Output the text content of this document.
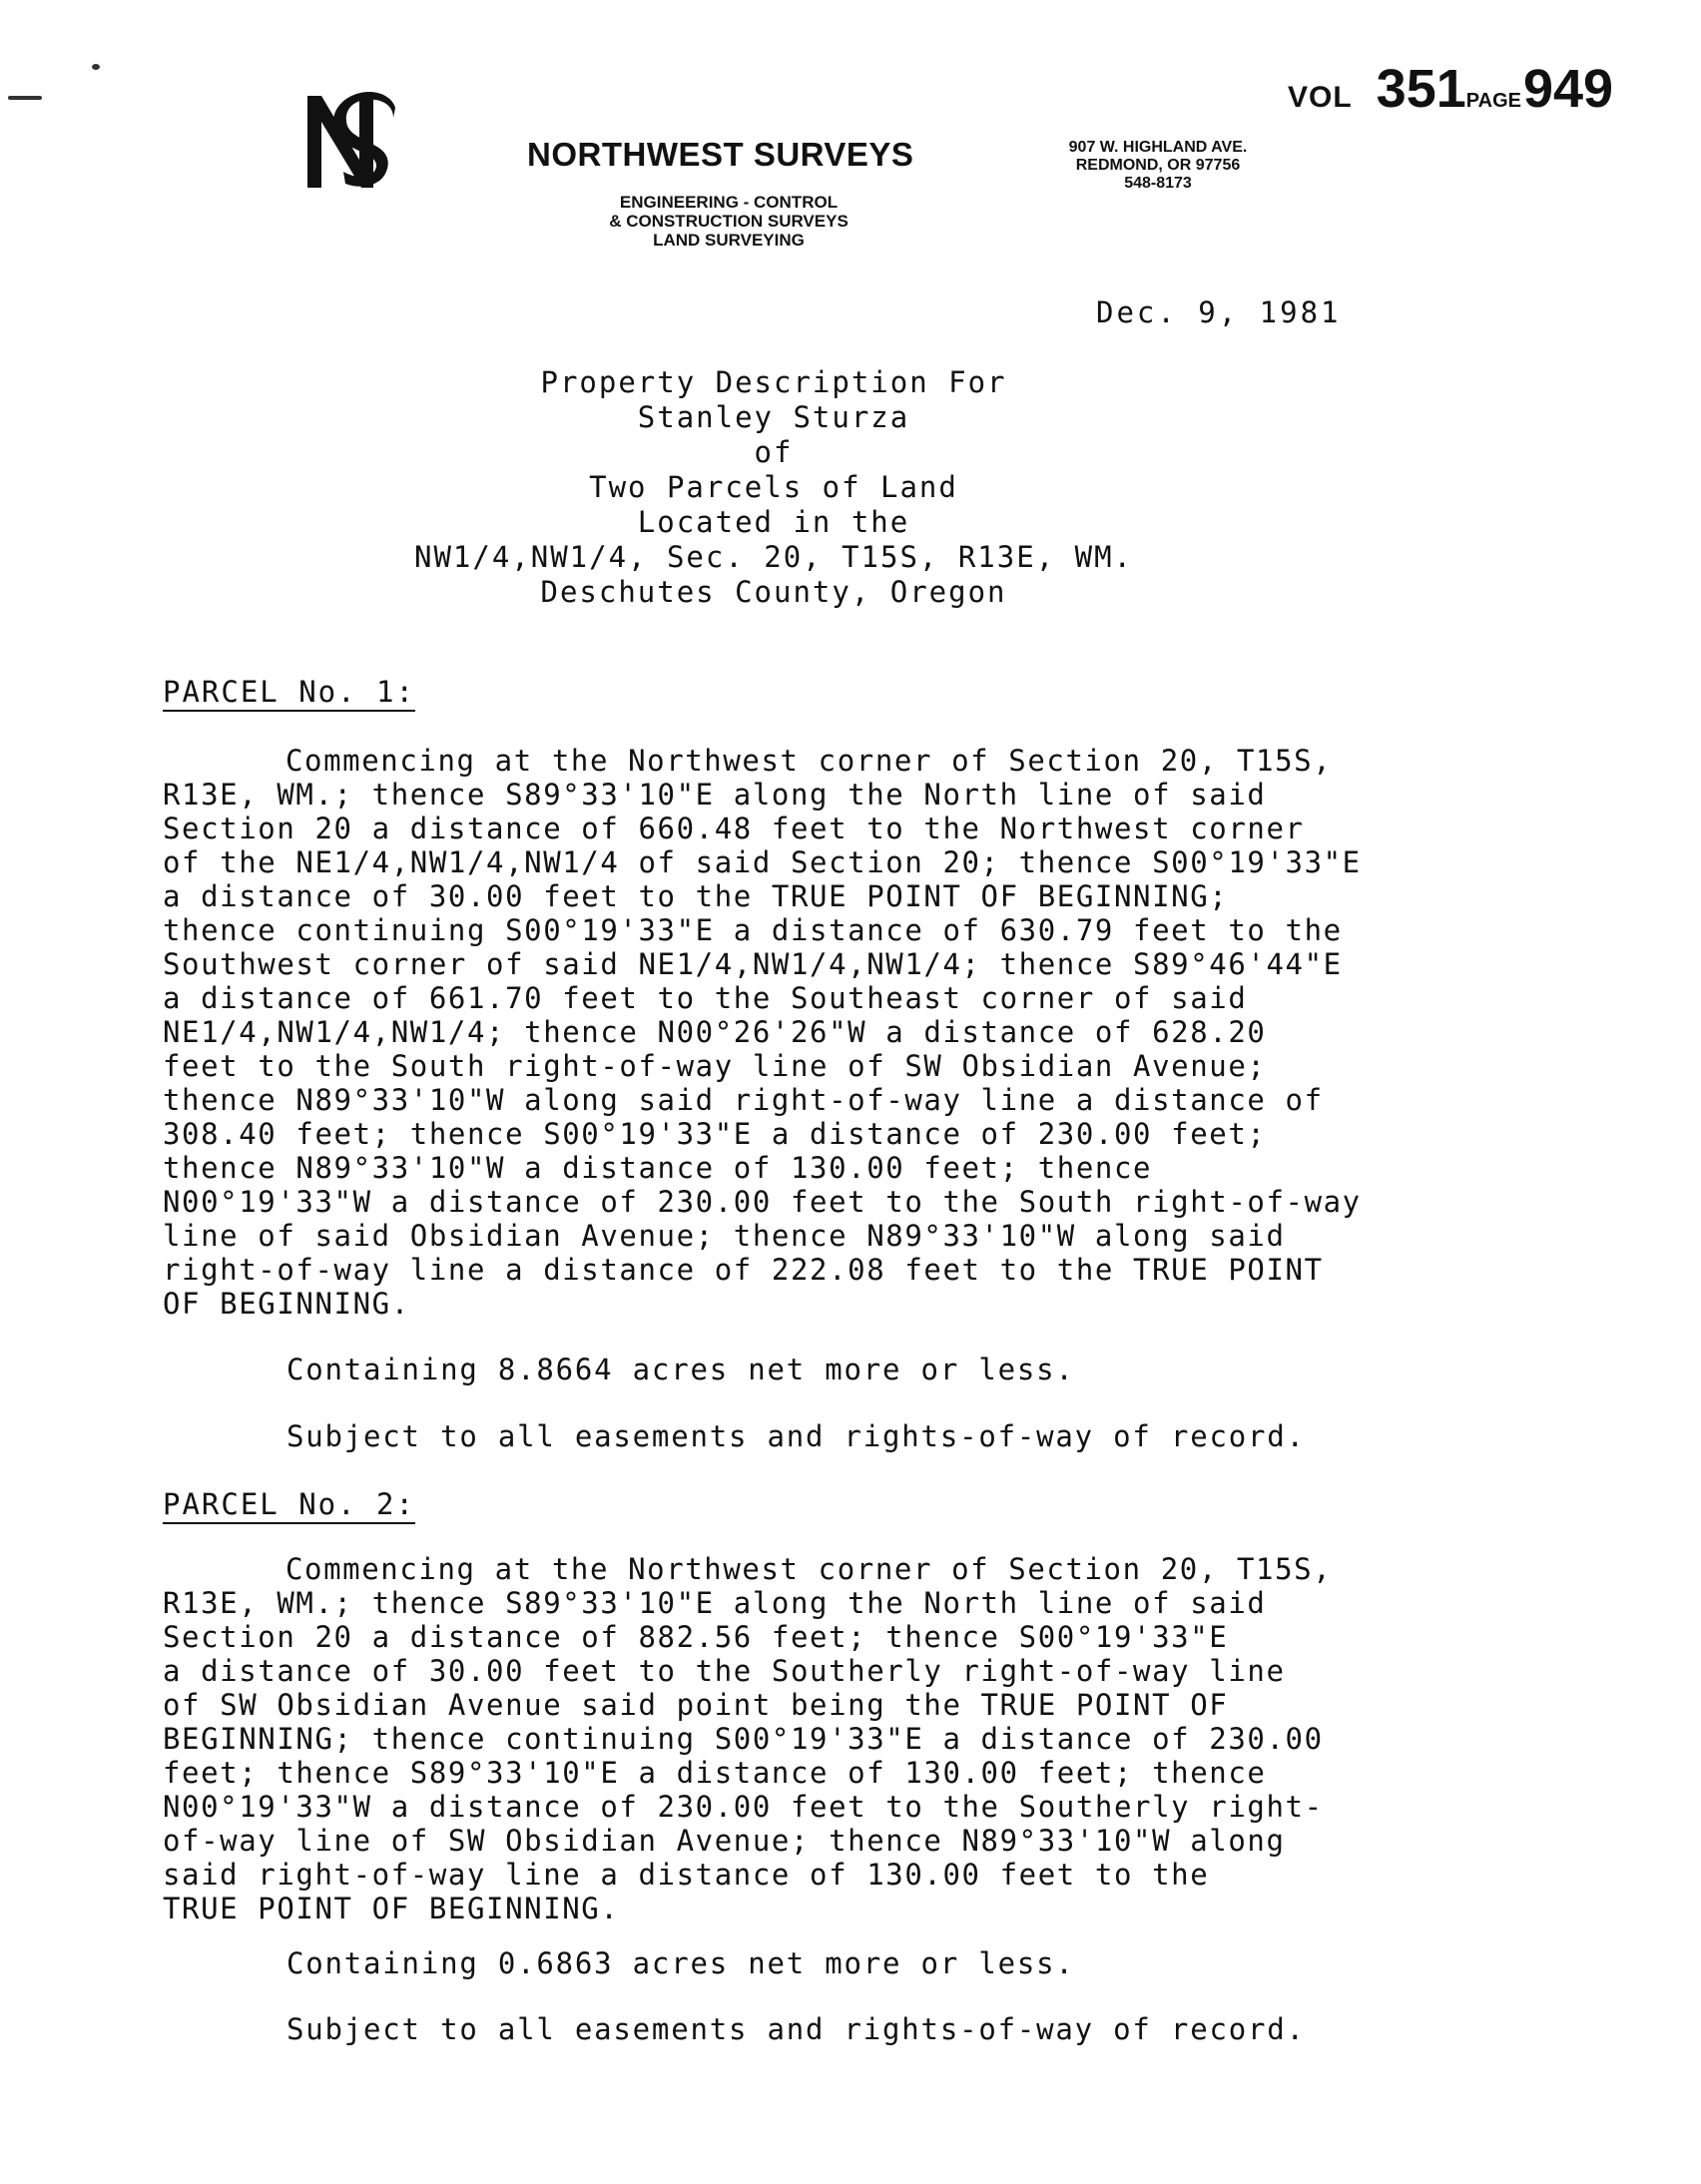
VOL 351PAGE949
NORTHWEST SURVEYS
ENGINEERING - CONTROL
& CONSTRUCTION SURVEYS
LAND SURVEYING
907 W. HIGHLAND AVE.
REDMOND, OR 97756
548-8173
Dec. 9, 1981
Property Description For
Stanley Sturza
of
Two Parcels of Land
Located in the
NW1/4,NW1/4, Sec. 20, T15S, R13E, WM.
Deschutes County, Oregon
PARCEL No. 1:
Commencing at the Northwest corner of Section 20, T15S,
R13E, WM.; thence S89°33'10"E along the North line of said
Section 20 a distance of 660.48 feet to the Northwest corner
of the NE1/4,NW1/4,NW1/4 of said Section 20; thence S00°19'33"E
a distance of 30.00 feet to the TRUE POINT OF BEGINNING;
thence continuing S00°19'33"E a distance of 630.79 feet to the
Southwest corner of said NE1/4,NW1/4,NW1/4; thence S89°46'44"E
a distance of 661.70 feet to the Southeast corner of said
NE1/4,NW1/4,NW1/4; thence N00°26'26"W a distance of 628.20
feet to the South right-of-way line of SW Obsidian Avenue;
thence N89°33'10"W along said right-of-way line a distance of
308.40 feet; thence S00°19'33"E a distance of 230.00 feet;
thence N89°33'10"W a distance of 130.00 feet; thence
N00°19'33"W a distance of 230.00 feet to the South right-of-way
line of said Obsidian Avenue; thence N89°33'10"W along said
right-of-way line a distance of 222.08 feet to the TRUE POINT
OF BEGINNING.
Containing 8.8664 acres net more or less.
Subject to all easements and rights-of-way of record.
PARCEL No. 2:
Commencing at the Northwest corner of Section 20, T15S,
R13E, WM.; thence S89°33'10"E along the North line of said
Section 20 a distance of 882.56 feet; thence S00°19'33"E
a distance of 30.00 feet to the Southerly right-of-way line
of SW Obsidian Avenue said point being the TRUE POINT OF
BEGINNING; thence continuing S00°19'33"E a distance of 230.00
feet; thence S89°33'10"E a distance of 130.00 feet; thence
N00°19'33"W a distance of 230.00 feet to the Southerly right-
of-way line of SW Obsidian Avenue; thence N89°33'10"W along
said right-of-way line a distance of 130.00 feet to the
TRUE POINT OF BEGINNING.
Containing 0.6863 acres net more or less.
Subject to all easements and rights-of-way of record.
